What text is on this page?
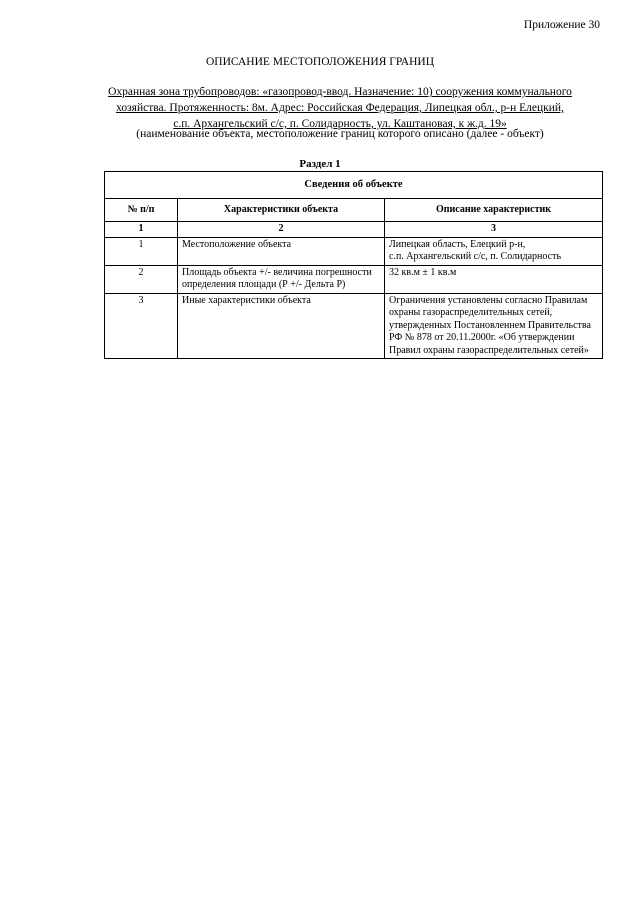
Приложение 30
ОПИСАНИЕ МЕСТОПОЛОЖЕНИЯ ГРАНИЦ
Охранная зона трубопроводов: «газопровод-ввод. Назначение: 10) сооружения коммунального
хозяйства. Протяженность: 8м. Адрес: Российская Федерация, Липецкая обл., р-н Елецкий,
с.п. Архангельский с/с, п. Солидарность, ул. Каштановая, к ж.д. 19»
(наименование объекта, местоположение границ которого описано (далее - объект)
Раздел 1
Сведения об объекте		
№ п/п	Характеристики объекта	Описание характеристик
1	2	3
1	Местоположение объекта	Липецкая область, Елецкий р-н,
с.п. Архангельский с/с, п. Солидарность

2	Площадь объекта +/- величина погрешности определения площади (Р +/- Дельта Р)	32 кв.м ± 1 кв.м
3	Иные характеристики объекта	Ограничения установлены согласно Правилам охраны газораспределительных сетей, утвержденных Постановленнем Правительства РФ № 878 от 20.11.2000г. «Об утверждении Правил охраны газораспределительных сетей»
